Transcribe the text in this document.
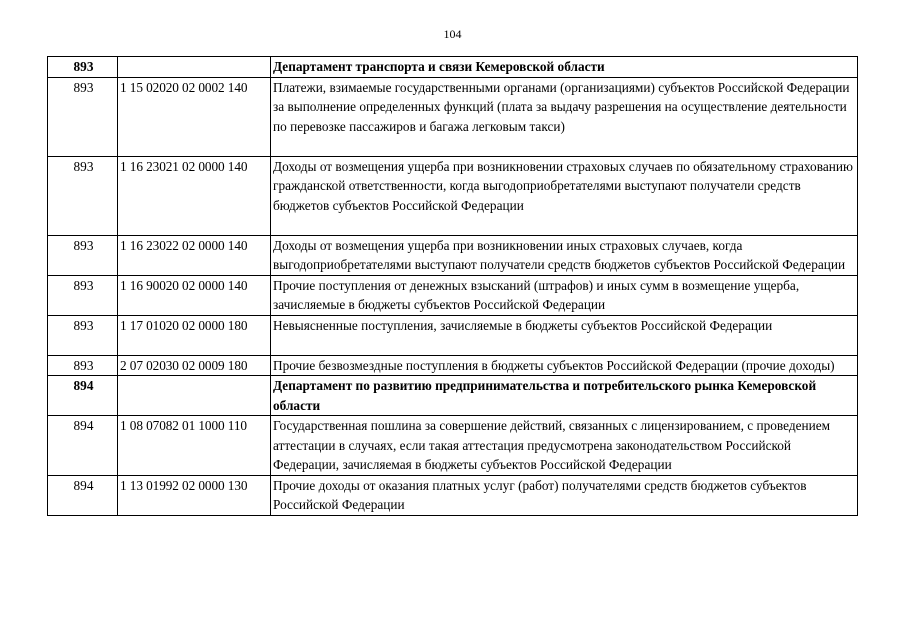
104
893		Департамент транспорта и связи Кемеровской области
893	1 15 02020 02 0002 140	Платежи, взимаемые государственными органами (организациями) субъектов Российской Федерации за выполнение определенных функций (плата за выдачу разрешения на осуществление деятельности по перевозке пассажиров и багажа легковым такси)

893	1 16 23021 02 0000 140	Доходы от возмещения ущерба при возникновении страховых случаев по обязательному страхованию гражданской ответственности, когда выгодоприобретателями выступают получатели средств бюджетов субъектов Российской Федерации

893	1 16 23022 02 0000 140	Доходы от возмещения ущерба при возникновении иных страховых случаев, когда выгодоприобретателями выступают получатели средств бюджетов субъектов Российской Федерации
893	1 16 90020 02 0000 140	Прочие поступления от денежных взысканий (штрафов) и иных сумм в возмещение ущерба, зачисляемые в бюджеты субъектов Российской Федерации
893	1 17 01020 02 0000 180	Невыясненные поступления, зачисляемые в бюджеты субъектов Российской Федерации

893	2 07 02030 02 0009 180	Прочие безвозмездные поступления в бюджеты субъектов Российской Федерации (прочие доходы)
894		Департамент по развитию предпринимательства и потребительского рынка Кемеровской области
894	1 08 07082 01 1000 110	Государственная пошлина за совершение действий, связанных с лицензированием, с проведением аттестации в случаях, если такая аттестация предусмотрена законодательством Российской Федерации, зачисляемая в бюджеты субъектов Российской Федерации
894	1 13 01992 02 0000 130	Прочие доходы от оказания платных услуг (работ) получателями средств бюджетов субъектов Российской Федерации
